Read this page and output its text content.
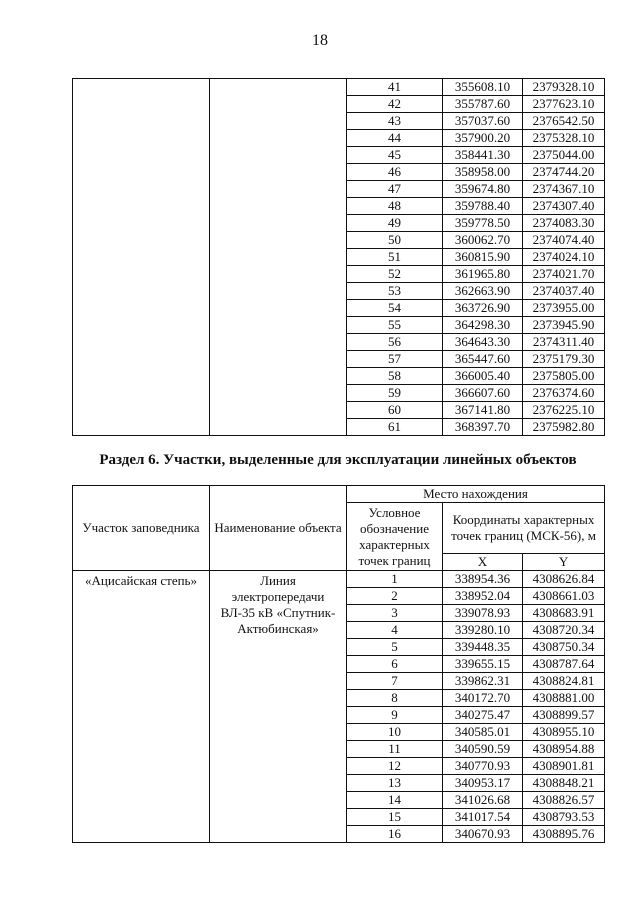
18
		41	355608.10	2379328.10
		42	355787.60	2377623.10
		43	357037.60	2376542.50
		44	357900.20	2375328.10
		45	358441.30	2375044.00
		46	358958.00	2374744.20
		47	359674.80	2374367.10
		48	359788.40	2374307.40
		49	359778.50	2374083.30
		50	360062.70	2374074.40
		51	360815.90	2374024.10
		52	361965.80	2374021.70
		53	362663.90	2374037.40
		54	363726.90	2373955.00
		55	364298.30	2373945.90
		56	364643.30	2374311.40
		57	365447.60	2375179.30
		58	366005.40	2375805.00
		59	366607.60	2376374.60
		60	367141.80	2376225.10
		61	368397.70	2375982.80
Раздел 6. Участки, выделенные для эксплуатации линейных объектов
Участок заповедника	Наименование объекта	Место нахождения		
		Условное обозначение характерных точек границ	Координаты характерных точек границ (МСК-56), м	
			X	Y
«Ацисайская степь»	Линия электропередачи ВЛ-35 кВ «Спутник-Актюбинская»	1	338954.36	4308626.84
		2	338952.04	4308661.03
		3	339078.93	4308683.91
		4	339280.10	4308720.34
		5	339448.35	4308750.34
		6	339655.15	4308787.64
		7	339862.31	4308824.81
		8	340172.70	4308881.00
		9	340275.47	4308899.57
		10	340585.01	4308955.10
		11	340590.59	4308954.88
		12	340770.93	4308901.81
		13	340953.17	4308848.21
		14	341026.68	4308826.57
		15	341017.54	4308793.53
		16	340670.93	4308895.76
